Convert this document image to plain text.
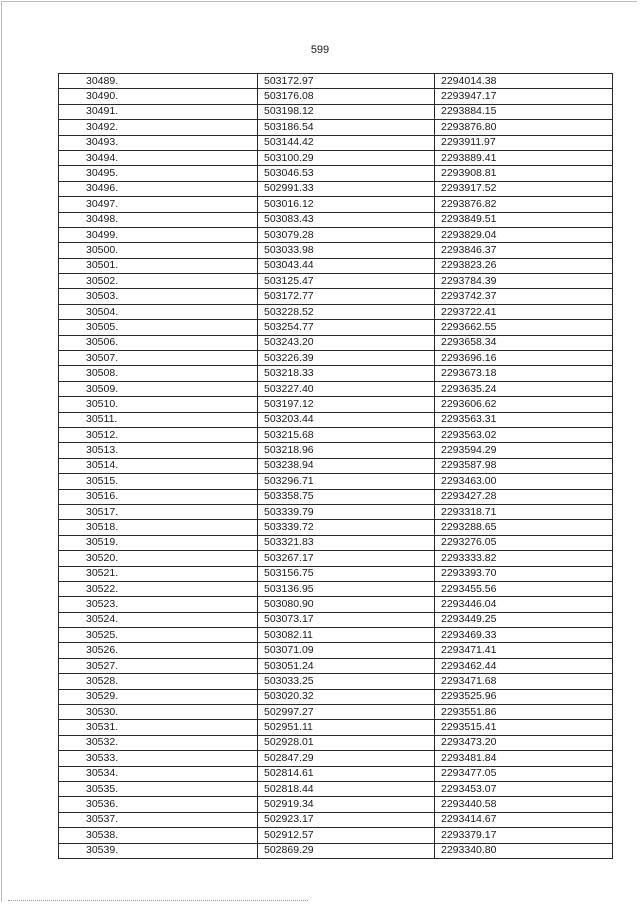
599
30489.	503172.97	2294014.38
30490.	503176.08	2293947.17
30491.	503198.12	2293884.15
30492.	503186.54	2293876.80
30493.	503144.42	2293911.97
30494.	503100.29	2293889.41
30495.	503046.53	2293908.81
30496.	502991.33	2293917.52
30497.	503016.12	2293876.82
30498.	503083.43	2293849.51
30499.	503079.28	2293829.04
30500.	503033.98	2293846.37
30501.	503043.44	2293823.26
30502.	503125.47	2293784.39
30503.	503172.77	2293742.37
30504.	503228.52	2293722.41
30505.	503254.77	2293662.55
30506.	503243.20	2293658.34
30507.	503226.39	2293696.16
30508.	503218.33	2293673.18
30509.	503227.40	2293635.24
30510.	503197.12	2293606.62
30511.	503203.44	2293563.31
30512.	503215.68	2293563.02
30513.	503218.96	2293594.29
30514.	503238.94	2293587.98
30515.	503296.71	2293463.00
30516.	503358.75	2293427.28
30517.	503339.79	2293318.71
30518.	503339.72	2293288.65
30519.	503321.83	2293276.05
30520.	503267.17	2293333.82
30521.	503156.75	2293393.70
30522.	503136.95	2293455.56
30523.	503080.90	2293446.04
30524.	503073.17	2293449.25
30525.	503082.11	2293469.33
30526.	503071.09	2293471.41
30527.	503051.24	2293462.44
30528.	503033.25	2293471.68
30529.	503020.32	2293525.96
30530.	502997.27	2293551.86
30531.	502951.11	2293515.41
30532.	502928.01	2293473.20
30533.	502847.29	2293481.84
30534.	502814.61	2293477.05
30535.	502818.44	2293453.07
30536.	502919.34	2293440.58
30537.	502923.17	2293414.67
30538.	502912.57	2293379.17
30539.	502869.29	2293340.80
